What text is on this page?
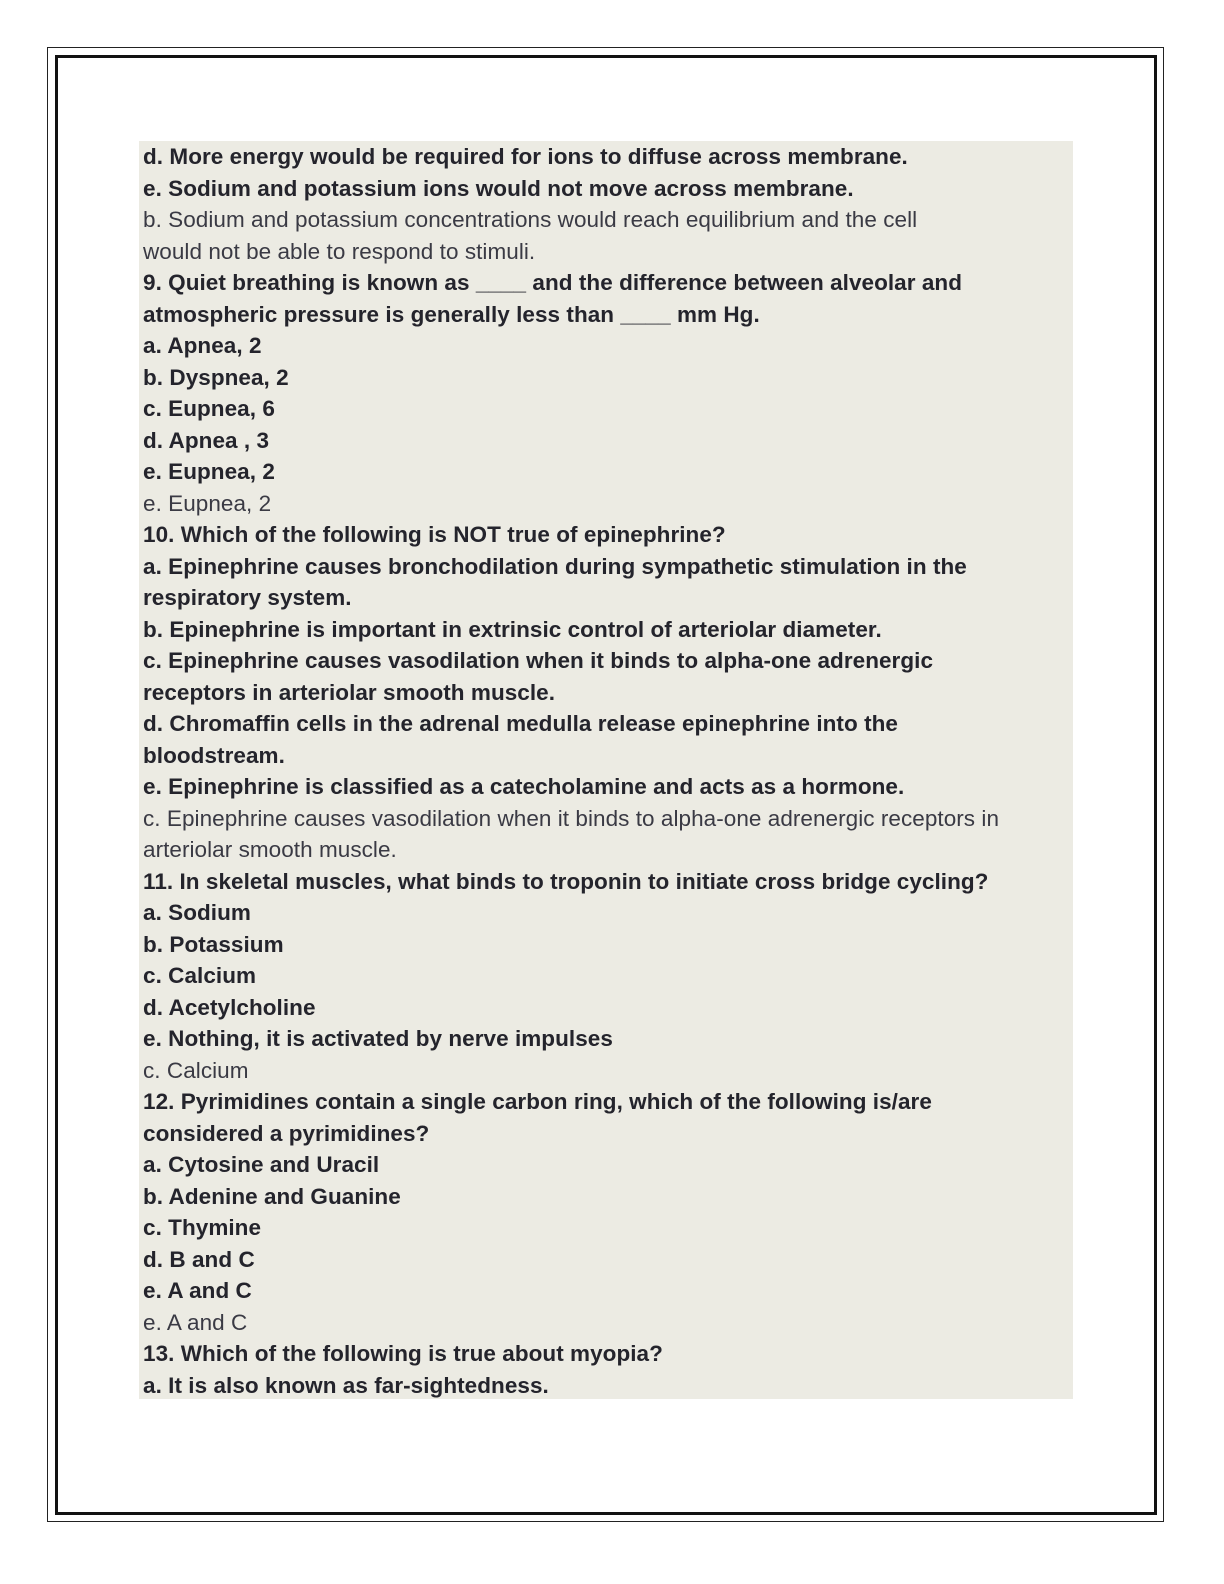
d. More energy would be required for ions to diffuse across membrane.
e. Sodium and potassium ions would not move across membrane.
b. Sodium and potassium concentrations would reach equilibrium and the cell
would not be able to respond to stimuli.
9. Quiet breathing is known as ____ and the difference between alveolar and
atmospheric pressure is generally less than ____ mm Hg.
a. Apnea, 2
b. Dyspnea, 2
c. Eupnea, 6
d. Apnea , 3
e. Eupnea, 2
e. Eupnea, 2
10. Which of the following is NOT true of epinephrine?
a. Epinephrine causes bronchodilation during sympathetic stimulation in the
respiratory system.
b. Epinephrine is important in extrinsic control of arteriolar diameter.
c. Epinephrine causes vasodilation when it binds to alpha-one adrenergic
receptors in arteriolar smooth muscle.
d. Chromaffin cells in the adrenal medulla release epinephrine into the
bloodstream.
e. Epinephrine is classified as a catecholamine and acts as a hormone.
c. Epinephrine causes vasodilation when it binds to alpha-one adrenergic receptors in
arteriolar smooth muscle.
11. In skeletal muscles, what binds to troponin to initiate cross bridge cycling?
a. Sodium
b. Potassium
c. Calcium
d. Acetylcholine
e. Nothing, it is activated by nerve impulses
c. Calcium
12. Pyrimidines contain a single carbon ring, which of the following is/are
considered a pyrimidines?
a. Cytosine and Uracil
b. Adenine and Guanine
c. Thymine
d. B and C
e. A and C
e. A and C
13. Which of the following is true about myopia?
a. It is also known as far-sightedness.
